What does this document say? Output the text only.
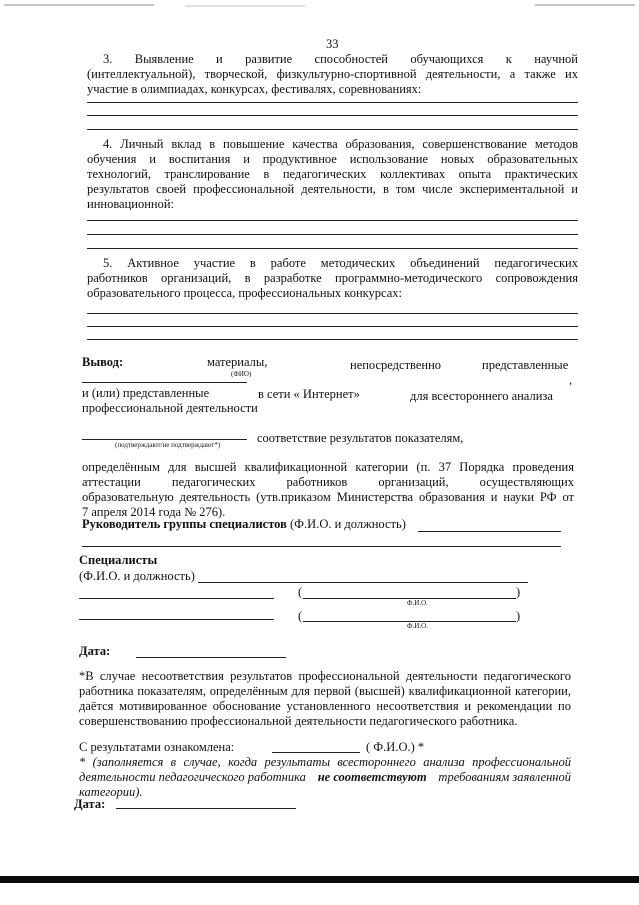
33
3. Выявление и развитие способностей обучающихся к научной
(интеллектуальной), творческой, физкультурно-спортивной деятельности, а также их
участие в олимпиадах, конкурсах, фестивалях, соревнованиях:
4. Личный вклад в повышение качества образования, совершенствование методов
обучения и воспитания и продуктивное использование новых образовательных
технологий, транслирование в педагогических коллективах опыта практических
результатов своей профессиональной деятельности, в том числе экспериментальной и
инновационной:
5. Активное участие в работе методических объединений педагогических
работников организаций, в разработке программно-методического сопровождения
образовательного процесса, профессиональных конкурсах:
Вывод:	материалы,
(ФИО)
непосредственно	представленные
,
и (или) представленные	в сети « Интернет»	для всестороннего анализа
профессиональной деятельности
(подтверждают/не подтверждают*)	соответствие результатов показателям,
определённым для высшей квалификационной категории (п. 37 Порядка проведения
аттестации педагогических работников организаций, осуществляющих
образовательную деятельность (утв.приказом Министерства образования и науки РФ от
7 апреля 2014 года № 276).
Руководитель группы специалистов (Ф.И.О. и должность)
Специалисты
(Ф.И.О. и должность)
(	)
Ф.И.О.
(	)
Ф.И.О.
Дата:
*В случае несоответствия результатов профессиональной деятельности педагогического
работника показателям, определённым для первой (высшей) квалификационной категории,
даётся мотивированное обоснование установленного несоответствия и рекомендации по
совершенствованию профессиональной деятельности педагогического работника.
С результатами ознакомлена:	( Ф.И.О.) *
* (заполняется в случае, когда результаты всестороннего анализа профессиональной
деятельности педагогического работника не соответствуют требованиям заявленной
категории).
Дата:
